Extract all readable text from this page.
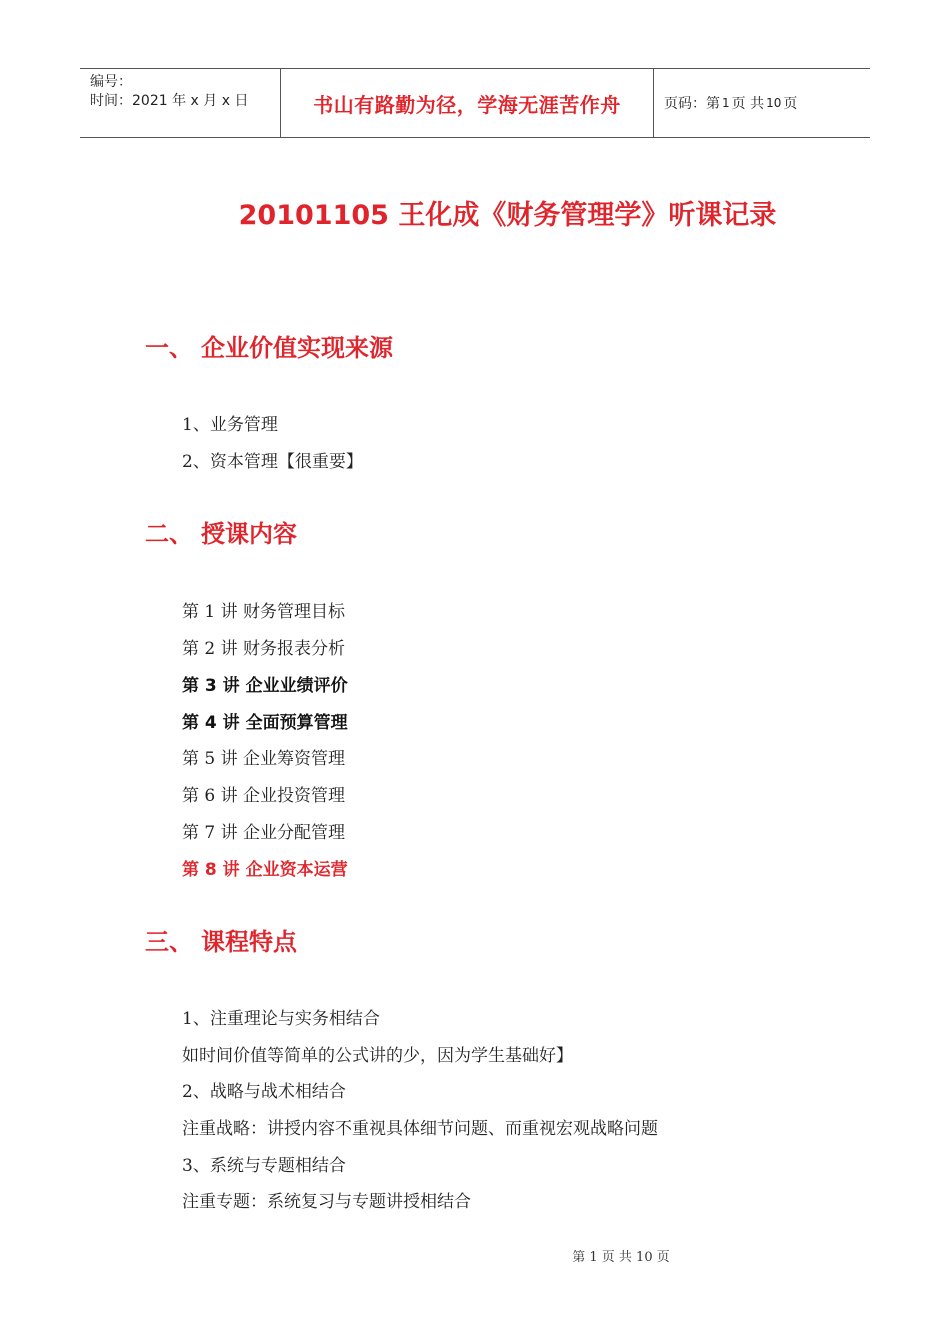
编号：
时间：2021 年 x 月 x 日	书山有路勤为径，学海无涯苦作舟	页码：第 1 页 共 10 页
20101105 王化成《财务管理学》听课记录
一、 企业价值实现来源
1、业务管理
2、资本管理【很重要】
二、 授课内容
第 1 讲 财务管理目标
第 2 讲 财务报表分析
第 3 讲 企业业绩评价
第 4 讲 全面预算管理
第 5 讲 企业筹资管理
第 6 讲 企业投资管理
第 7 讲 企业分配管理
第 8 讲 企业资本运营
三、 课程特点
1、注重理论与实务相结合
如时间价值等简单的公式讲的少，因为学生基础好】
2、战略与战术相结合
注重战略：讲授内容不重视具体细节问题、而重视宏观战略问题
3、系统与专题相结合
注重专题：系统复习与专题讲授相结合
第 1 页 共 10 页
